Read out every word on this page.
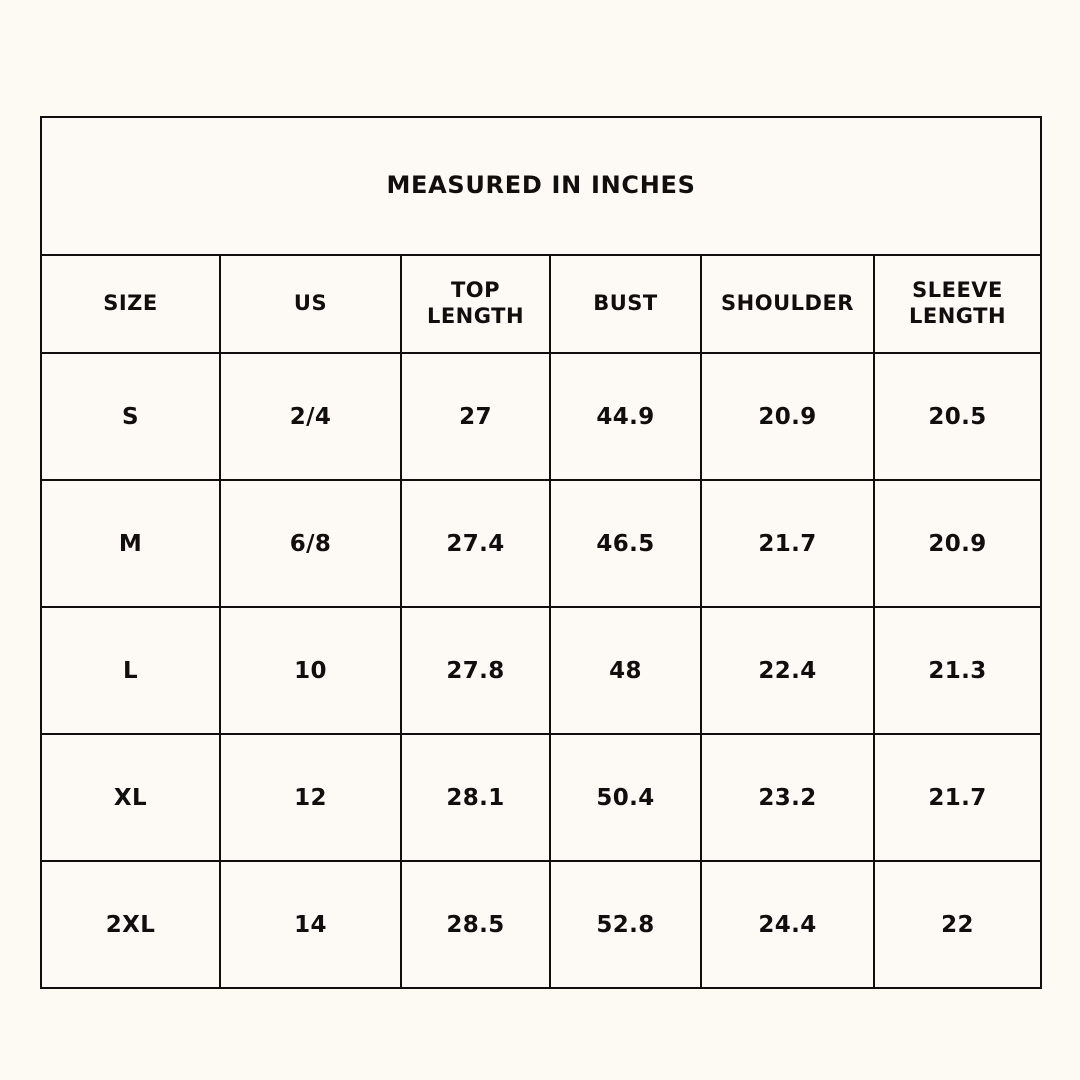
MEASURED IN INCHES					
SIZE	US	TOP LENGTH	BUST	SHOULDER	SLEEVE LENGTH
S	2/4	27	44.9	20.9	20.5
M	6/8	27.4	46.5	21.7	20.9
L	10	27.8	48	22.4	21.3
XL	12	28.1	50.4	23.2	21.7
2XL	14	28.5	52.8	24.4	22
